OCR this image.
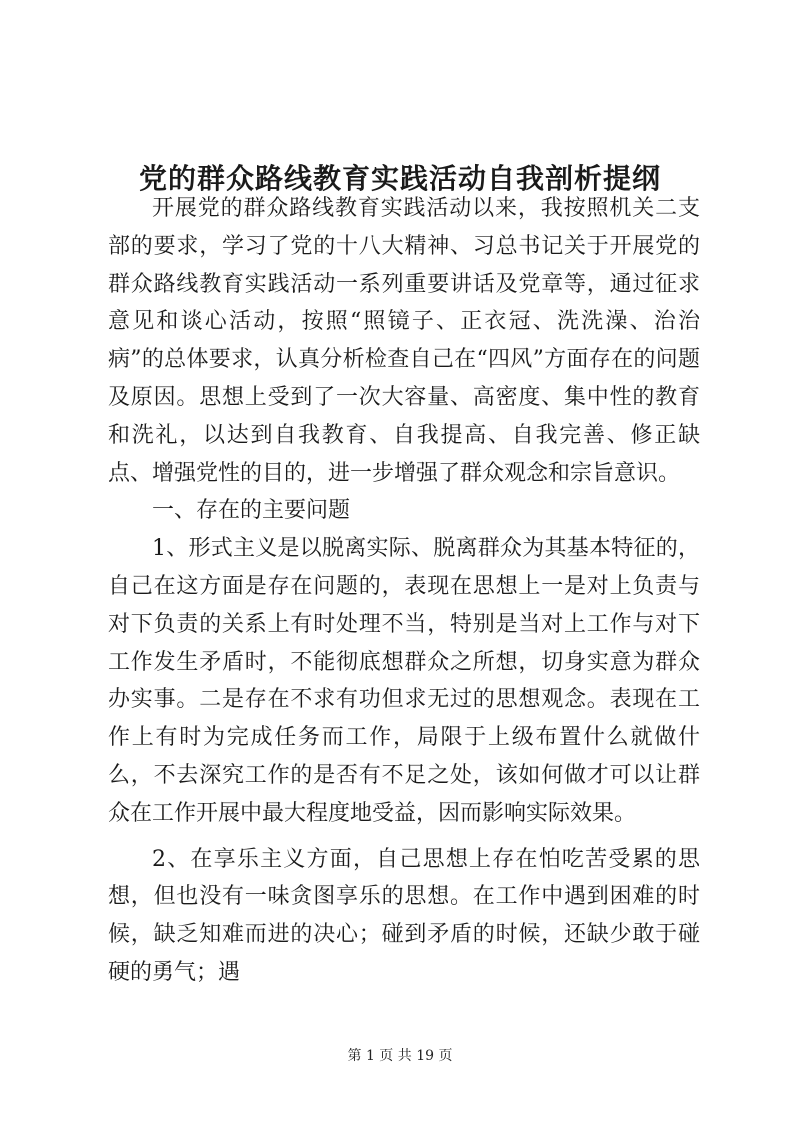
党的群众路线教育实践活动自我剖析提纲

开展党的群众路线教育实践活动以来，我按照机关二支部的要求，学习了党的十八大精神、习总书记关于开展党的群众路线教育实践活动一系列重要讲话及党章等，通过征求意见和谈心活动，按照“照镜子、正衣冠、洗洗澡、治治病”的总体要求，认真分析检查自己在“四风”方面存在的问题及原因。思想上受到了一次大容量、高密度、集中性的教育和洗礼，以达到自我教育、自我提高、自我完善、修正缺点、增强党性的目的，进一步增强了群众观念和宗旨意识。

一、存在的主要问题

1、形式主义是以脱离实际、脱离群众为其基本特征的，自己在这方面是存在问题的，表现在思想上一是对上负责与对下负责的关系上有时处理不当，特别是当对上工作与对下工作发生矛盾时，不能彻底想群众之所想，切身实意为群众办实事。二是存在不求有功但求无过的思想观念。表现在工作上有时为完成任务而工作，局限于上级布置什么就做什么，不去深究工作的是否有不足之处，该如何做才可以让群众在工作开展中最大程度地受益，因而影响实际效果。

2、在享乐主义方面，自己思想上存在怕吃苦受累的思想，但也没有一味贪图享乐的思想。在工作中遇到困难的时候，缺乏知难而进的决心；碰到矛盾的时候，还缺少敢于碰硬的勇气；遇

第 1 页 共 19 页
